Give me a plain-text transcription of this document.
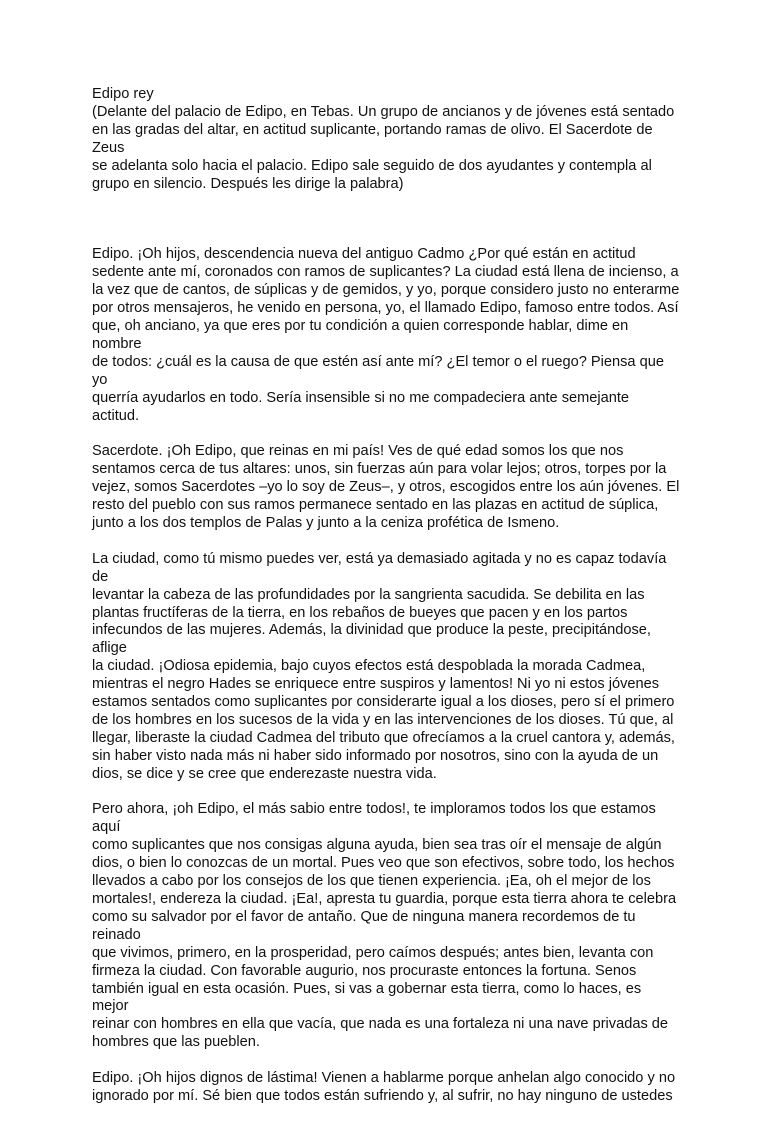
Edipo rey

(Delante del palacio de Edipo, en Tebas. Un grupo de ancianos y de jóvenes está sentado
en las gradas del altar, en actitud suplicante, portando ramas de olivo. El Sacerdote de Zeus
se adelanta solo hacia el palacio. Edipo sale seguido de dos ayudantes y contempla al
grupo en silencio. Después les dirige la palabra)

Edipo. ¡Oh hijos, descendencia nueva del antiguo Cadmo ¿Por qué están en actitud
sedente ante mí, coronados con ramos de suplicantes? La ciudad está llena de incienso, a
la vez que de cantos, de súplicas y de gemidos, y yo, porque considero justo no enterarme
por otros mensajeros, he venido en persona, yo, el llamado Edipo, famoso entre todos. Así
que, oh anciano, ya que eres por tu condición a quien corresponde hablar, dime en nombre
de todos: ¿cuál es la causa de que estén así ante mí? ¿El temor o el ruego? Piensa que yo
querría ayudarlos en todo. Sería insensible si no me compadeciera ante semejante actitud.

Sacerdote. ¡Oh Edipo, que reinas en mi país! Ves de qué edad somos los que nos
sentamos cerca de tus altares: unos, sin fuerzas aún para volar lejos; otros, torpes por la
vejez, somos Sacerdotes –yo lo soy de Zeus–, y otros, escogidos entre los aún jóvenes. El
resto del pueblo con sus ramos permanece sentado en las plazas en actitud de súplica,
junto a los dos templos de Palas y junto a la ceniza profética de Ismeno.

La ciudad, como tú mismo puedes ver, está ya demasiado agitada y no es capaz todavía de
levantar la cabeza de las profundidades por la sangrienta sacudida. Se debilita en las
plantas fructíferas de la tierra, en los rebaños de bueyes que pacen y en los partos
infecundos de las mujeres. Además, la divinidad que produce la peste, precipitándose, aflige
la ciudad. ¡Odiosa epidemia, bajo cuyos efectos está despoblada la morada Cadmea,
mientras el negro Hades se enriquece entre suspiros y lamentos! Ni yo ni estos jóvenes
estamos sentados como suplicantes por considerarte igual a los dioses, pero sí el primero
de los hombres en los sucesos de la vida y en las intervenciones de los dioses. Tú que, al
llegar, liberaste la ciudad Cadmea del tributo que ofrecíamos a la cruel cantora y, además,
sin haber visto nada más ni haber sido informado por nosotros, sino con la ayuda de un
dios, se dice y se cree que enderezaste nuestra vida.

Pero ahora, ¡oh Edipo, el más sabio entre todos!, te imploramos todos los que estamos aquí
como suplicantes que nos consigas alguna ayuda, bien sea tras oír el mensaje de algún
dios, o bien lo conozcas de un mortal. Pues veo que son efectivos, sobre todo, los hechos
llevados a cabo por los consejos de los que tienen experiencia. ¡Ea, oh el mejor de los
mortales!, endereza la ciudad. ¡Ea!, apresta tu guardia, porque esta tierra ahora te celebra
como su salvador por el favor de antaño. Que de ninguna manera recordemos de tu reinado
que vivimos, primero, en la prosperidad, pero caímos después; antes bien, levanta con
firmeza la ciudad. Con favorable augurio, nos procuraste entonces la fortuna. Senos
también igual en esta ocasión. Pues, si vas a gobernar esta tierra, como lo haces, es mejor
reinar con hombres en ella que vacía, que nada es una fortaleza ni una nave privadas de
hombres que las pueblen.

Edipo. ¡Oh hijos dignos de lástima! Vienen a hablarme porque anhelan algo conocido y no
ignorado por mí. Sé bien que todos están sufriendo y, al sufrir, no hay ninguno de ustedes
